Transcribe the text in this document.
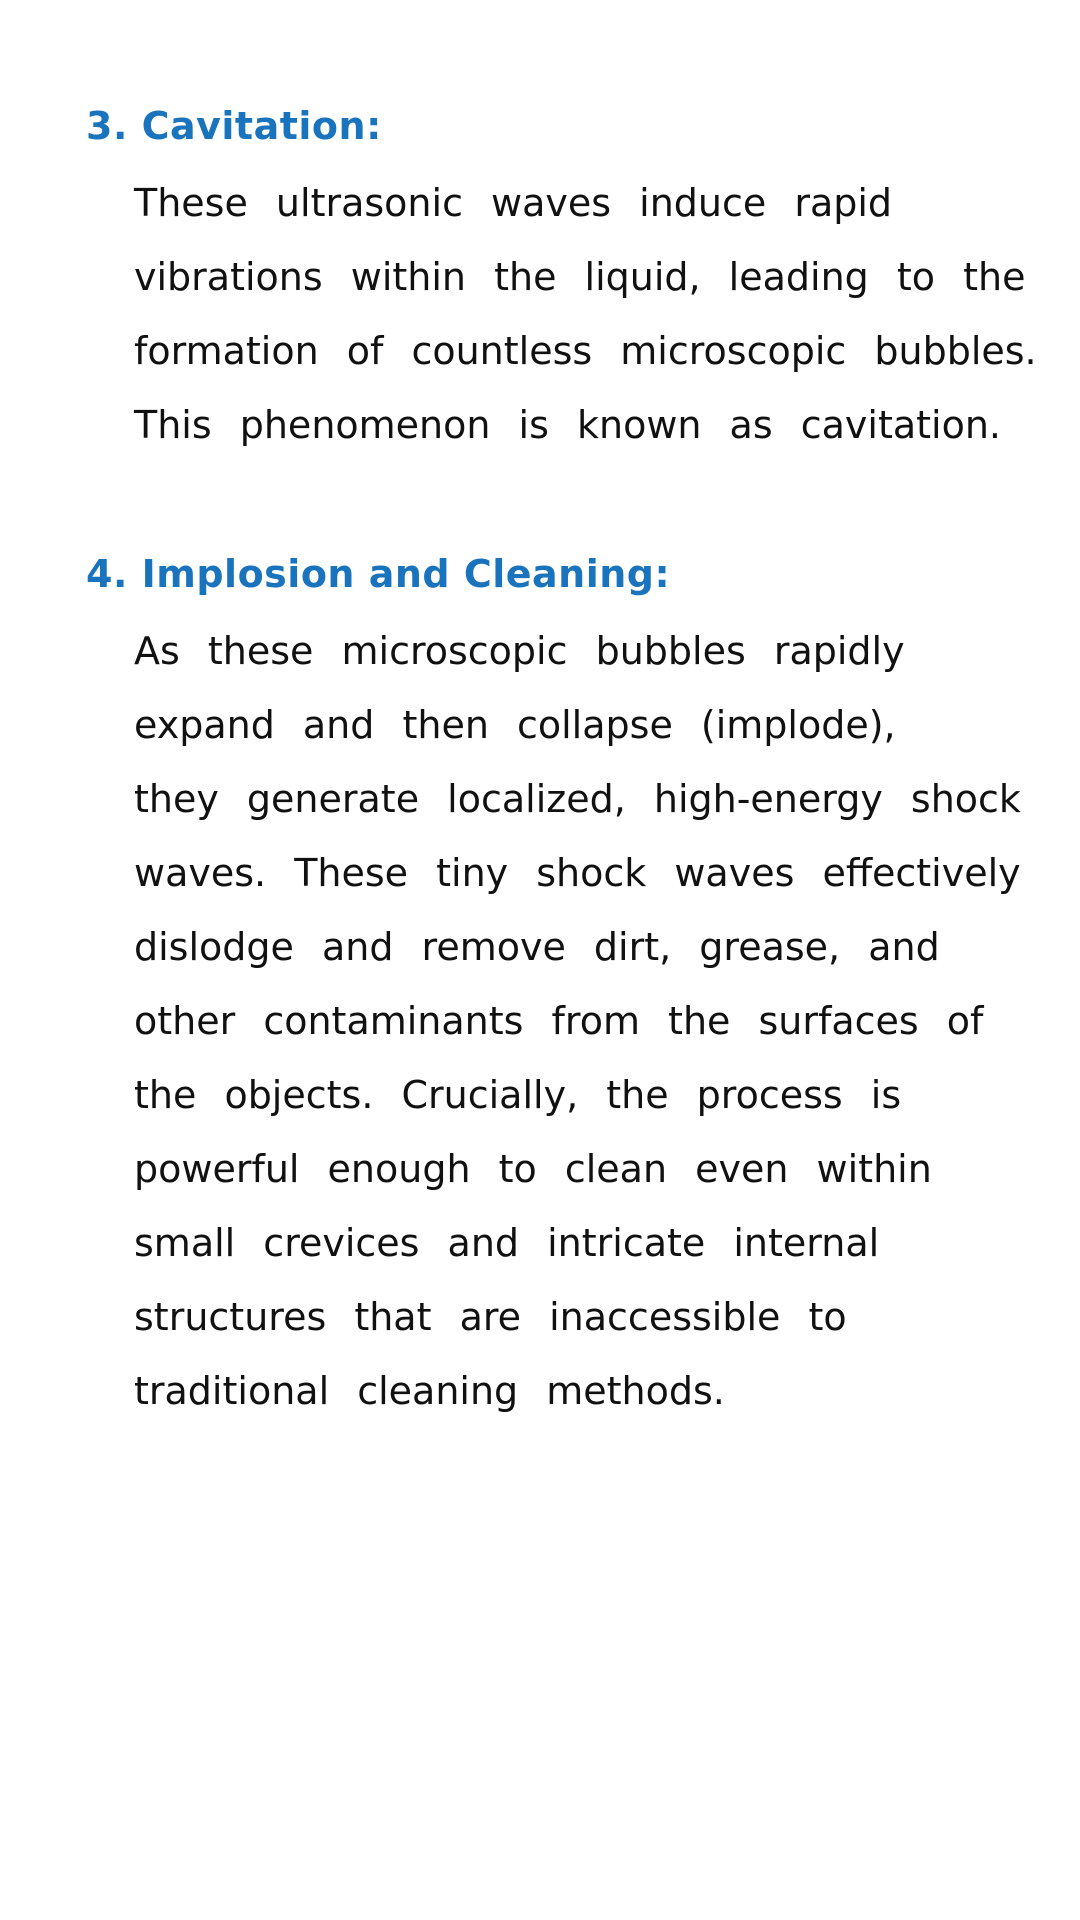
3. Cavitation:
These ultrasonic waves induce rapid
vibrations within the liquid, leading to the
formation of countless microscopic bubbles.
This phenomenon is known as cavitation.
4. Implosion and Cleaning:
As these microscopic bubbles rapidly
expand and then collapse (implode),
they generate localized, high-energy shock
waves. These tiny shock waves effectively
dislodge and remove dirt, grease, and
other contaminants from the surfaces of
the objects. Crucially, the process is
powerful enough to clean even within
small crevices and intricate internal
structures that are inaccessible to
traditional cleaning methods.
